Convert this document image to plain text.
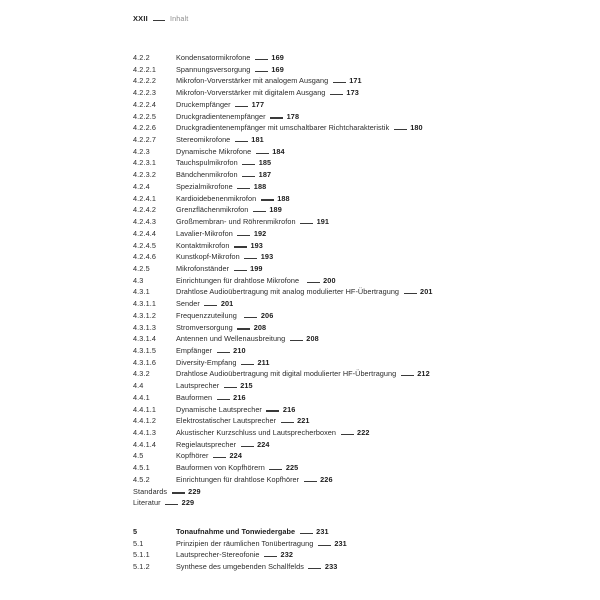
XXII	Inhalt
4.2.2	Kondensatormikrofone	169
4.2.2.1	Spannungsversorgung	169
4.2.2.2	Mikrofon-Vorverstärker mit analogem Ausgang	171
4.2.2.3	Mikrofon-Vorverstärker mit digitalem Ausgang	173
4.2.2.4	Druckempfänger	177
4.2.2.5	Druckgradientenempfänger	178
4.2.2.6	Druckgradientenempfänger mit umschaltbarer Richtcharakteristik	180
4.2.2.7	Stereomikrofone	181
4.2.3	Dynamische Mikrofone	184
4.2.3.1	Tauchspulmikrofon	185
4.2.3.2	Bändchenmikrofon	187
4.2.4	Spezialmikrofone	188
4.2.4.1	Kardioidebenenmikrofon	188
4.2.4.2	Grenzflächenmikrofon	189
4.2.4.3	Großmembran- und Röhrenmikrofon	191
4.2.4.4	Lavalier-Mikrofon	192
4.2.4.5	Kontaktmikrofon	193
4.2.4.6	Kunstkopf-Mikrofon	193
4.2.5	Mikrofonständer	199
4.3	Einrichtungen für drahtlose Mikrofone	200
4.3.1	Drahtlose Audioübertragung mit analog modulierter HF-Übertragung	201
4.3.1.1	Sender	201
4.3.1.2	Frequenzzuteilung	206
4.3.1.3	Stromversorgung	208
4.3.1.4	Antennen und Wellenausbreitung	208
4.3.1.5	Empfänger	210
4.3.1.6	Diversity-Empfang	211
4.3.2	Drahtlose Audioübertragung mit digital modulierter HF-Übertragung	212
4.4	Lautsprecher	215
4.4.1	Bauformen	216
4.4.1.1	Dynamische Lautsprecher	216
4.4.1.2	Elektrostatischer Lautsprecher	221
4.4.1.3	Akustischer Kurzschluss und Lautsprecherboxen	222
4.4.1.4	Regielautsprecher	224
4.5	Kopfhörer	224
4.5.1	Bauformen von Kopfhörern	225
4.5.2	Einrichtungen für drahtlose Kopfhörer	226
Standards	229
Literatur	229
5	Tonaufnahme und Tonwiedergabe	231
5.1	Prinzipien der räumlichen Tonübertragung	231
5.1.1	Lautsprecher-Stereofonie	232
5.1.2	Synthese des umgebenden Schallfelds	233
